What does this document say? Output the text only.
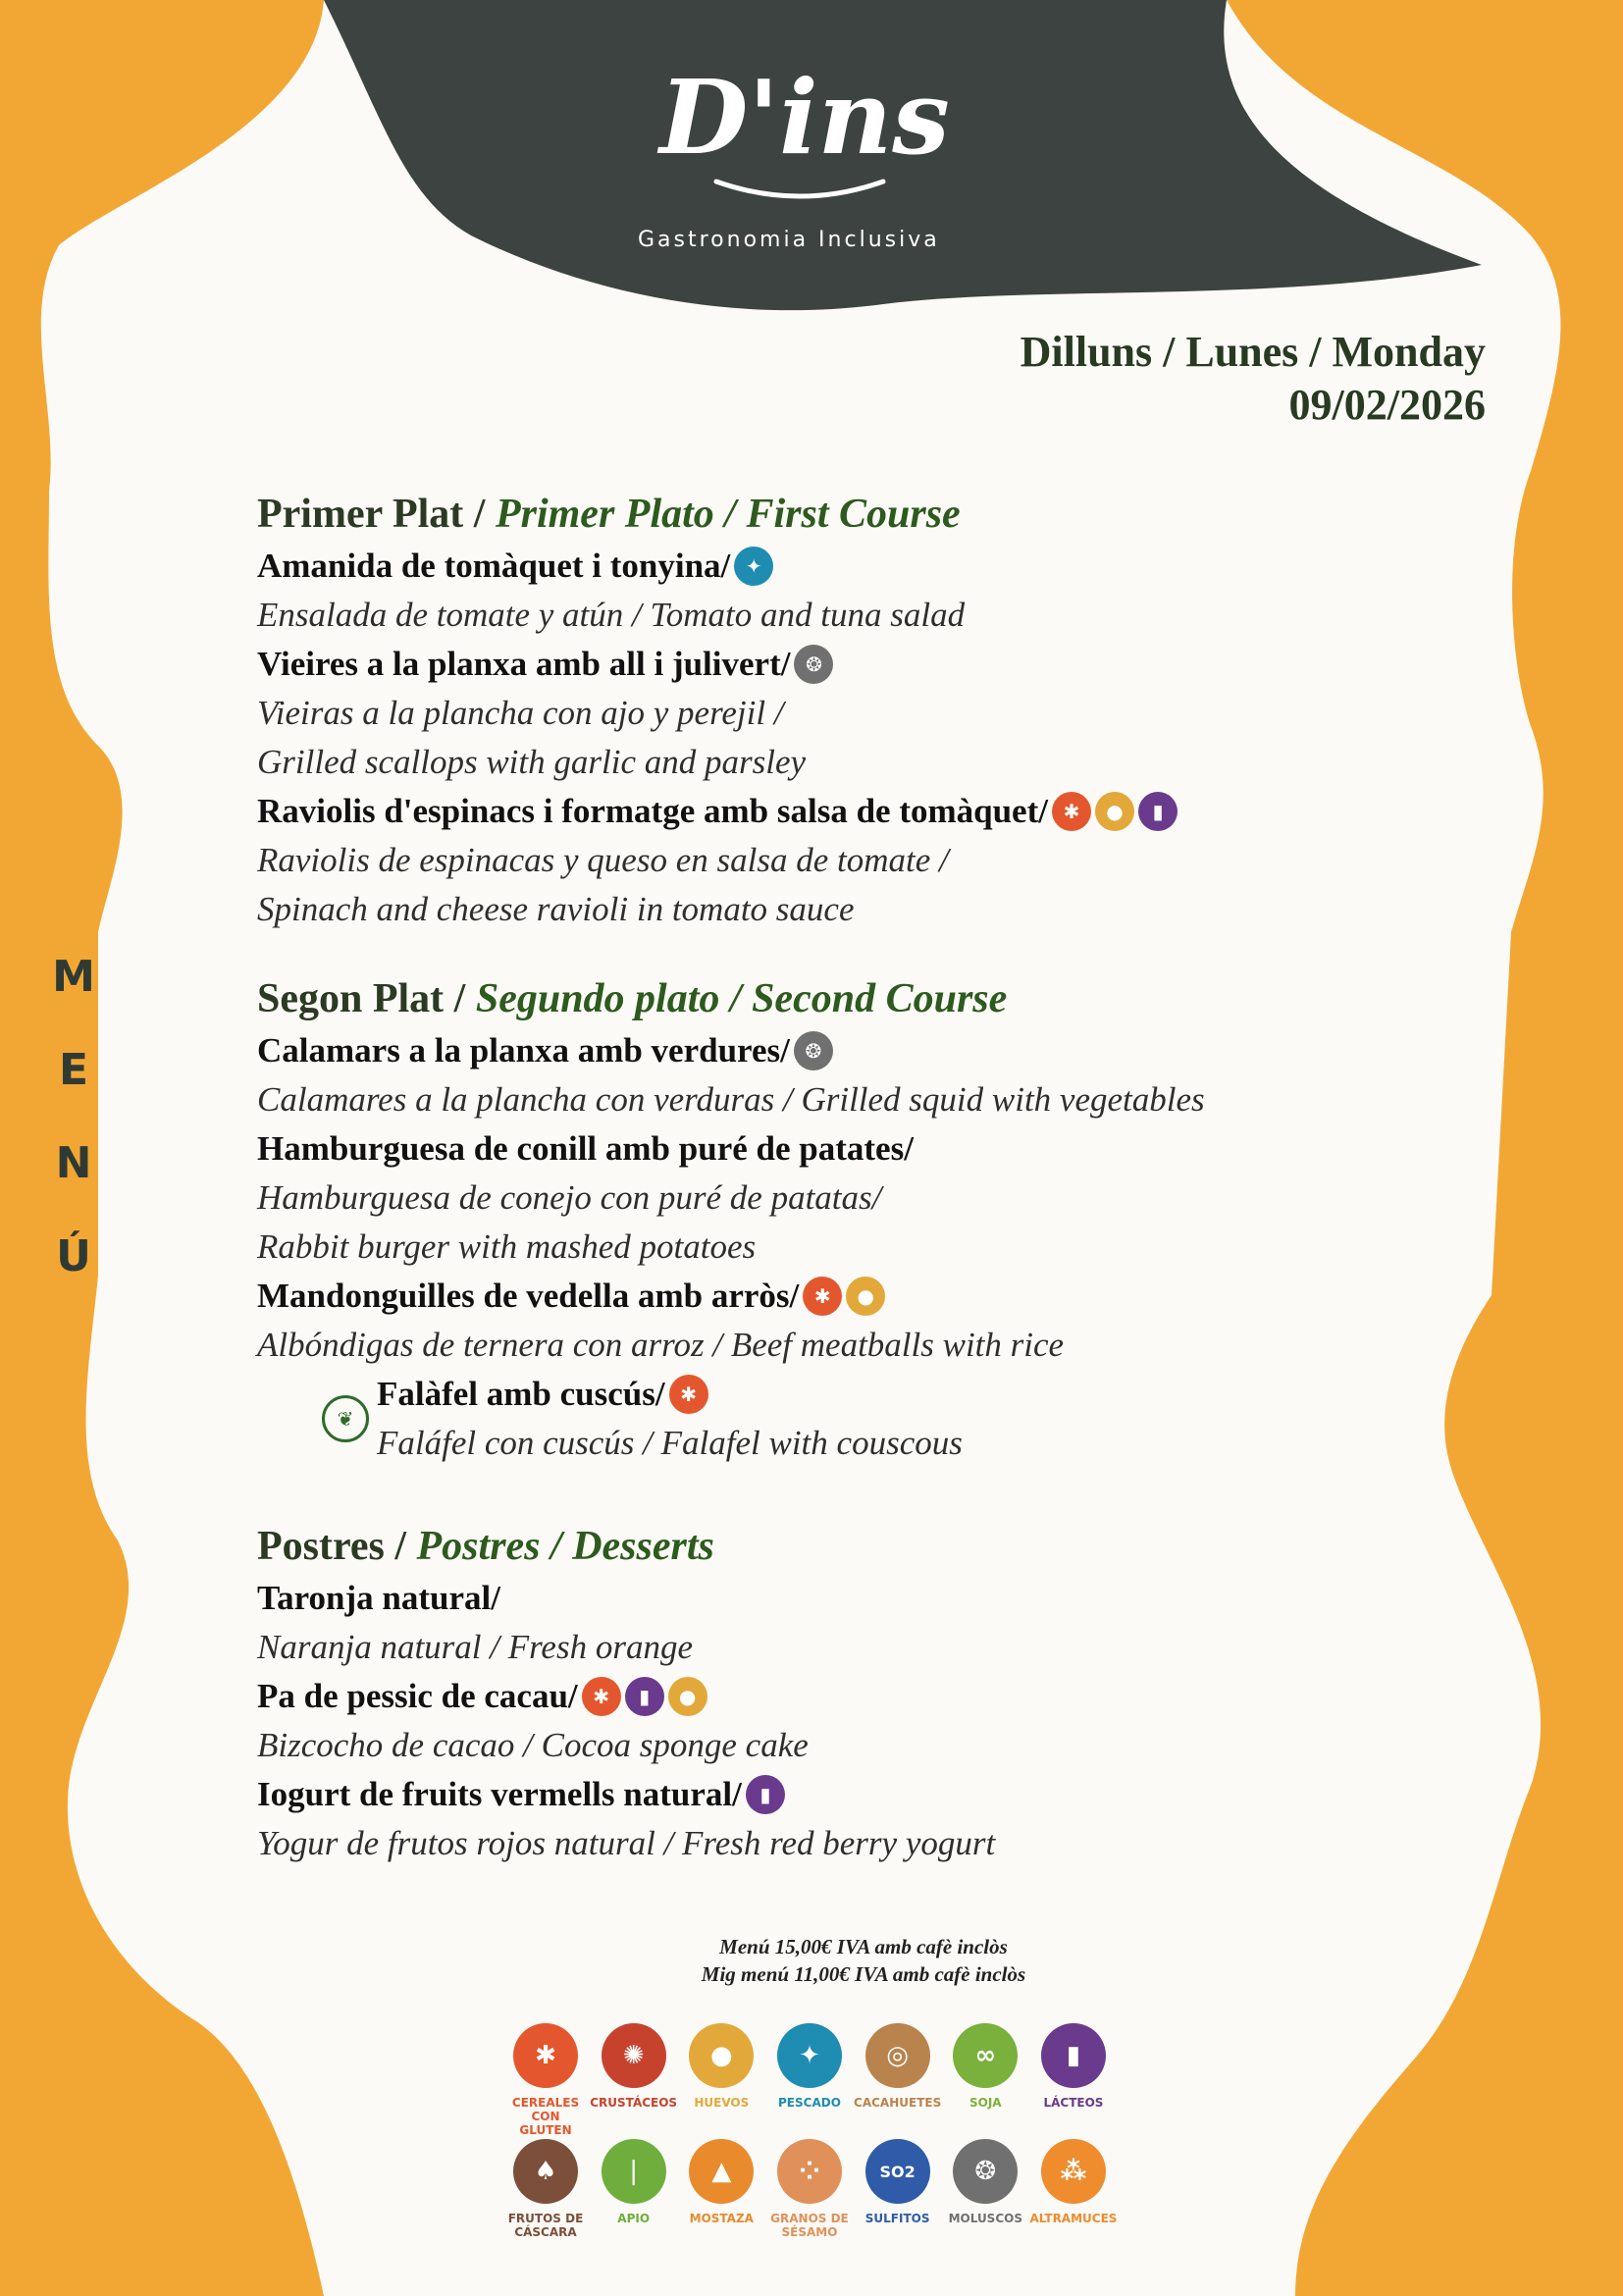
D'ins
Gastronomia Inclusiva
Dilluns / Lunes / Monday
09/02/2026
M
E
N
Ú
Primer Plat / Primer Plato / First Course
Amanida de tomàquet i tonyina/ ✦
Ensalada de tomate y atún / Tomato and tuna salad
Vieires a la planxa amb all i julivert/ ❂
Vieiras a la plancha con ajo y perejil /
Grilled scallops with garlic and parsley
Raviolis d'espinacs i formatge amb salsa de tomàquet/ ✱	●	▮
Raviolis de espinacas y queso en salsa de tomate /
Spinach and cheese ravioli in tomato sauce
Segon Plat / Segundo plato / Second Course
Calamars a la planxa amb verdures/ ❂
Calamares a la plancha con verduras / Grilled squid with vegetables
Hamburguesa de conill amb puré de patates/
Hamburguesa de conejo con puré de patatas/
Rabbit burger with mashed potatoes
Mandonguilles de vedella amb arròs/ ✱	●
Albóndigas de ternera con arroz / Beef meatballs with rice
❦
Falàfel amb cuscús/ ✱
Faláfel con cuscús / Falafel with couscous
Postres / Postres / Desserts
Taronja natural/
Naranja natural / Fresh orange
Pa de pessic de cacau/ ✱	▮	●
Bizcocho de cacao / Cocoa sponge cake
Iogurt de fruits vermells natural/ ▮
Yogur de frutos rojos natural / Fresh red berry yogurt
Menú 15,00€ IVA amb cafè inclòs
Mig menú 11,00€ IVA amb cafè inclòs
✱
CEREALES CON GLUTEN
✺
CRUSTÁCEOS
●
HUEVOS
✦
PESCADO
◎
CACAHUETES
∞
SOJA
▮
LÁCTEOS
♠
FRUTOS DE CÁSCARA
❘
APIO
▲
MOSTAZA
⁘
GRANOS DE SÉSAMO
SO2
SULFITOS
❂
MOLUSCOS
⁂
ALTRAMUCES
